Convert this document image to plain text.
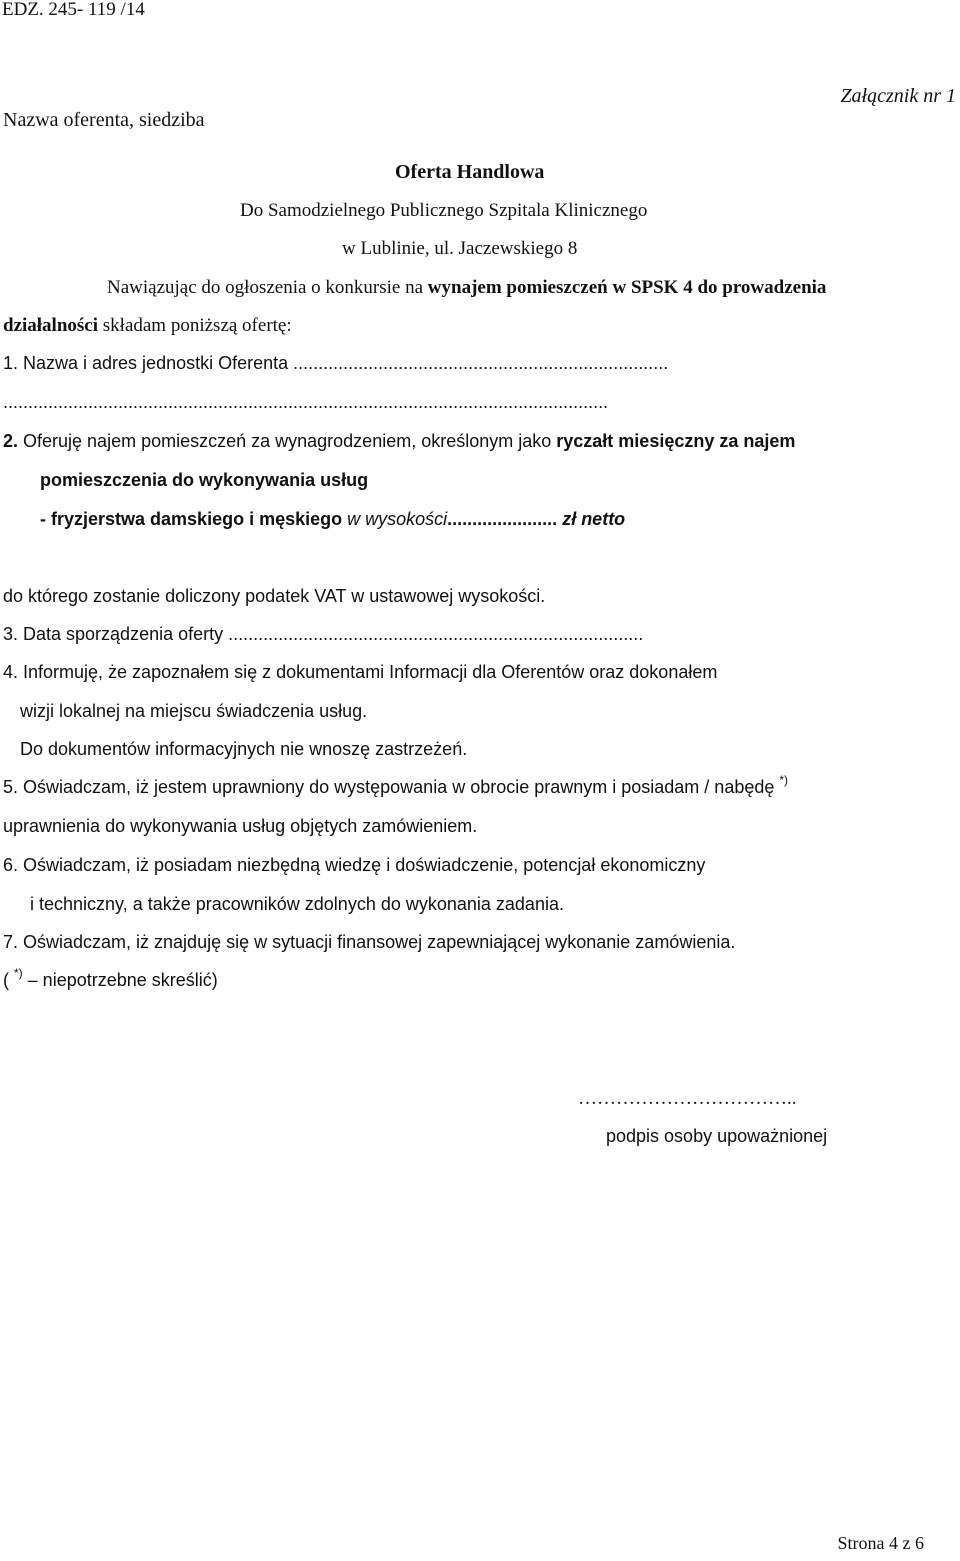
EDZ. 245- 119 /14
Załącznik nr 1
Nazwa oferenta, siedziba
Oferta Handlowa
Do Samodzielnego Publicznego Szpitala Klinicznego
w Lublinie, ul. Jaczewskiego 8
Nawiązując do ogłoszenia o konkursie na wynajem pomieszczeń w SPSK 4 do prowadzenia
działalności składam poniższą ofertę:
1. Nazwa i adres jednostki Oferenta ...........................................................................
.........................................................................................................................
2. Oferuję najem pomieszczeń za wynagrodzeniem, określonym jako ryczałt miesięczny za najem
pomieszczenia do wykonywania usług
- fryzjerstwa damskiego i męskiego w wysokości...................... zł netto
do którego zostanie doliczony podatek VAT w ustawowej wysokości.
3. Data sporządzenia oferty ...................................................................................
4. Informuję, że zapoznałem się z dokumentami Informacji dla Oferentów oraz dokonałem
wizji lokalnej na miejscu świadczenia usług.
Do dokumentów informacyjnych nie wnoszę zastrzeżeń.
5. Oświadczam, iż jestem uprawniony do występowania w obrocie prawnym i posiadam / nabędę *)
uprawnienia do wykonywania usług objętych zamówieniem.
6. Oświadczam, iż posiadam niezbędną wiedzę i doświadczenie, potencjał ekonomiczny
i techniczny, a także pracowników zdolnych do wykonania zadania.
7. Oświadczam, iż znajduję się w sytuacji finansowej zapewniającej wykonanie zamówienia.
( *) – niepotrzebne skreślić)
……………………………..
podpis osoby upoważnionej
Strona 4 z 6
